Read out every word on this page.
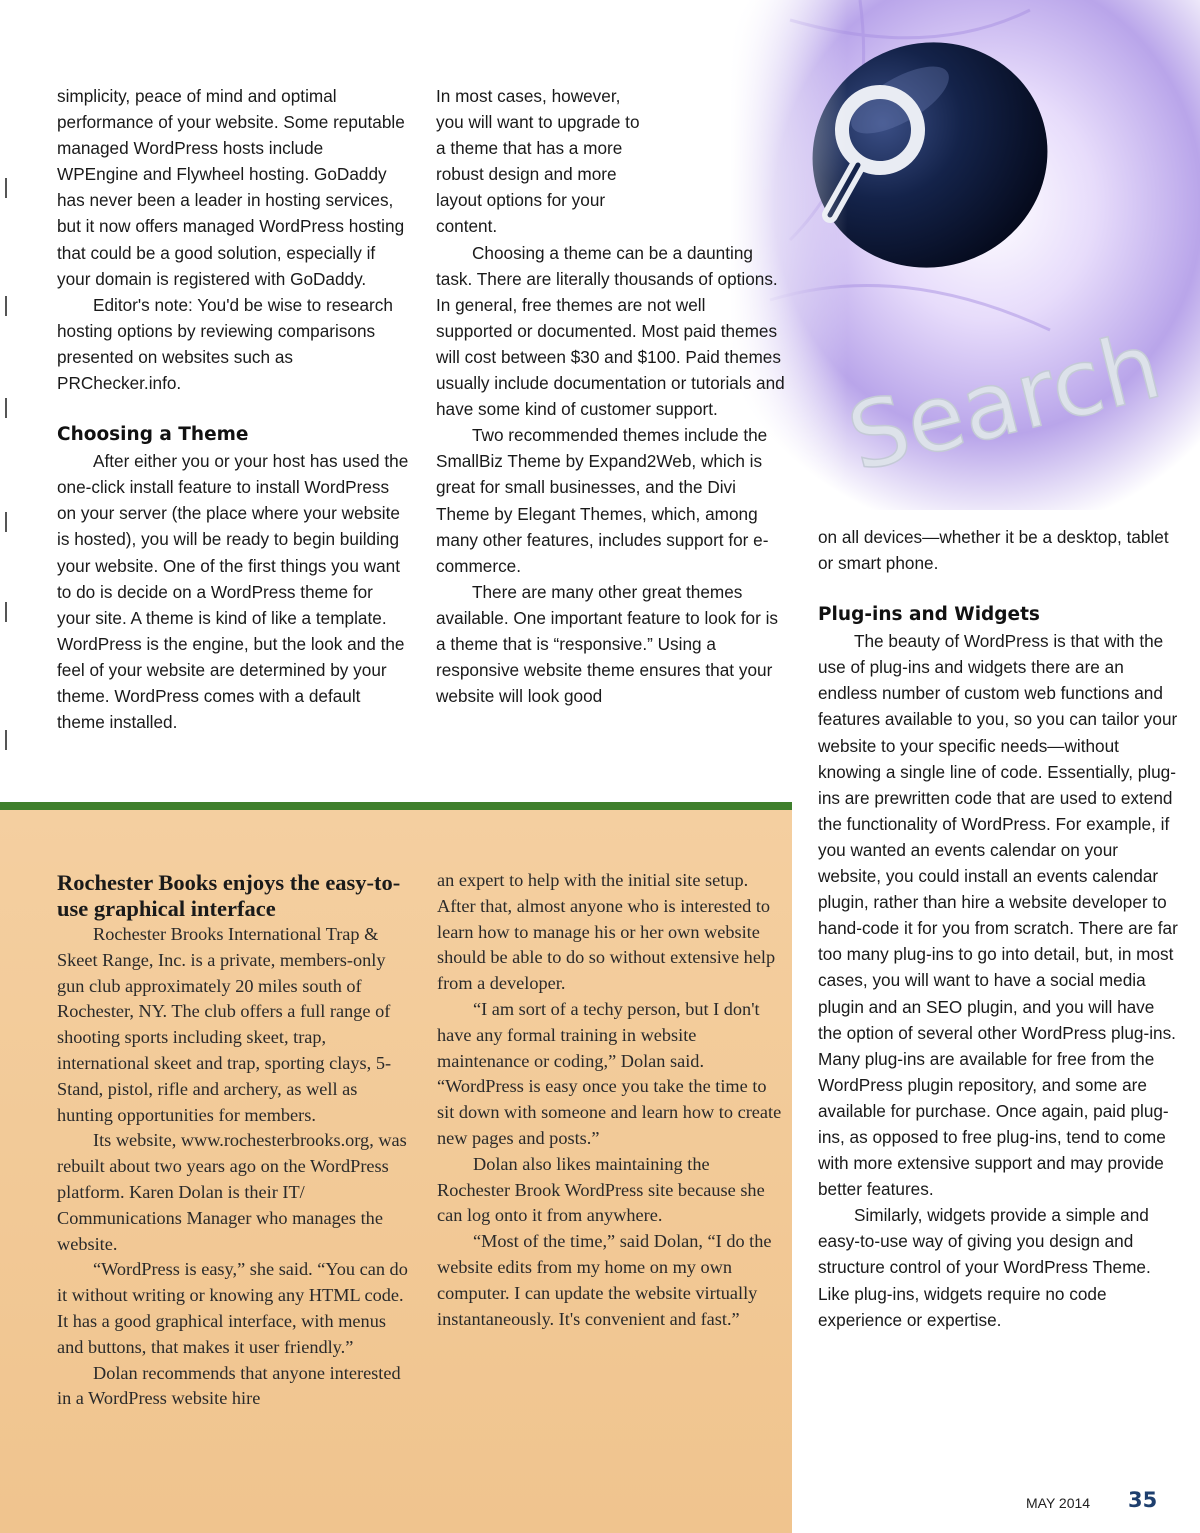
simplicity, peace of mind and optimal performance of your website. Some reputable managed WordPress hosts include WPEngine and Flywheel hosting. GoDaddy has never been a leader in hosting services, but it now offers managed WordPress hosting that could be a good solution, especially if your domain is registered with GoDaddy.

Editor's note: You'd be wise to research hosting options by reviewing comparisons presented on websites such as PRChecker.info.

Choosing a Theme

After either you or your host has used the one-click install feature to install WordPress on your server (the place where your website is hosted), you will be ready to begin building your website. One of the first things you want to do is decide on a WordPress theme for your site. A theme is kind of like a template. WordPress is the engine, but the look and the feel of your website are determined by your theme. WordPress comes with a default theme installed.

In most cases, however, you will want to upgrade to a theme that has a more robust design and more layout options for your content.

Choosing a theme can be a daunting task. There are literally thousands of options. In general, free themes are not well supported or documented. Most paid themes will cost between $30 and $100. Paid themes usually include documentation or tutorials and have some kind of customer support.

Two recommended themes include the SmallBiz Theme by Expand2Web, which is great for small businesses, and the Divi Theme by Elegant Themes, which, among many other features, includes support for e-commerce.

There are many other great themes available. One important feature to look for is a theme that is “responsive.” Using a responsive website theme ensures that your website will look good

on all devices—whether it be a desktop, tablet or smart phone.

Plug-ins and Widgets

The beauty of WordPress is that with the use of plug-ins and widgets there are an endless number of custom web functions and features available to you, so you can tailor your website to your specific needs—without knowing a single line of code. Essentially, plug-ins are prewritten code that are used to extend the functionality of WordPress. For example, if you wanted an events calendar on your website, you could install an events calendar plugin, rather than hire a website developer to hand-code it for you from scratch. There are far too many plug-ins to go into detail, but, in most cases, you will want to have a social media plugin and an SEO plugin, and you will have the option of several other WordPress plug-ins. Many plug-ins are available for free from the WordPress plugin repository, and some are available for purchase. Once again, paid plug-ins, as opposed to free plug-ins, tend to come with more extensive support and may provide better features.

Similarly, widgets provide a simple and easy-to-use way of giving you design and structure control of your WordPress Theme. Like plug-ins, widgets require no code experience or expertise.

Rochester Books enjoys the easy-to-use graphical interface

Rochester Brooks International Trap & Skeet Range, Inc. is a private, members-only gun club approximately 20 miles south of Rochester, NY. The club offers a full range of shooting sports including skeet, trap, international skeet and trap, sporting clays, 5-Stand, pistol, rifle and archery, as well as hunting opportunities for members.

Its website, www.rochesterbrooks.org, was rebuilt about two years ago on the WordPress platform. Karen Dolan is their IT/ Communications Manager who manages the website.

“WordPress is easy,” she said. “You can do it without writing or knowing any HTML code. It has a good graphical interface, with menus and buttons, that makes it user friendly.”

Dolan recommends that anyone interested in a WordPress website hire

an expert to help with the initial site setup. After that, almost anyone who is interested to learn how to manage his or her own website should be able to do so without extensive help from a developer.

“I am sort of a techy person, but I don't have any formal training in website maintenance or coding,” Dolan said. “WordPress is easy once you take the time to sit down with someone and learn how to create new pages and posts.”

Dolan also likes maintaining the Rochester Brook WordPress site because she can log onto it from anywhere.

“Most of the time,” said Dolan, “I do the website edits from my home on my own computer. I can update the website virtually instantaneously. It's convenient and fast.”

MAY 2014 35
